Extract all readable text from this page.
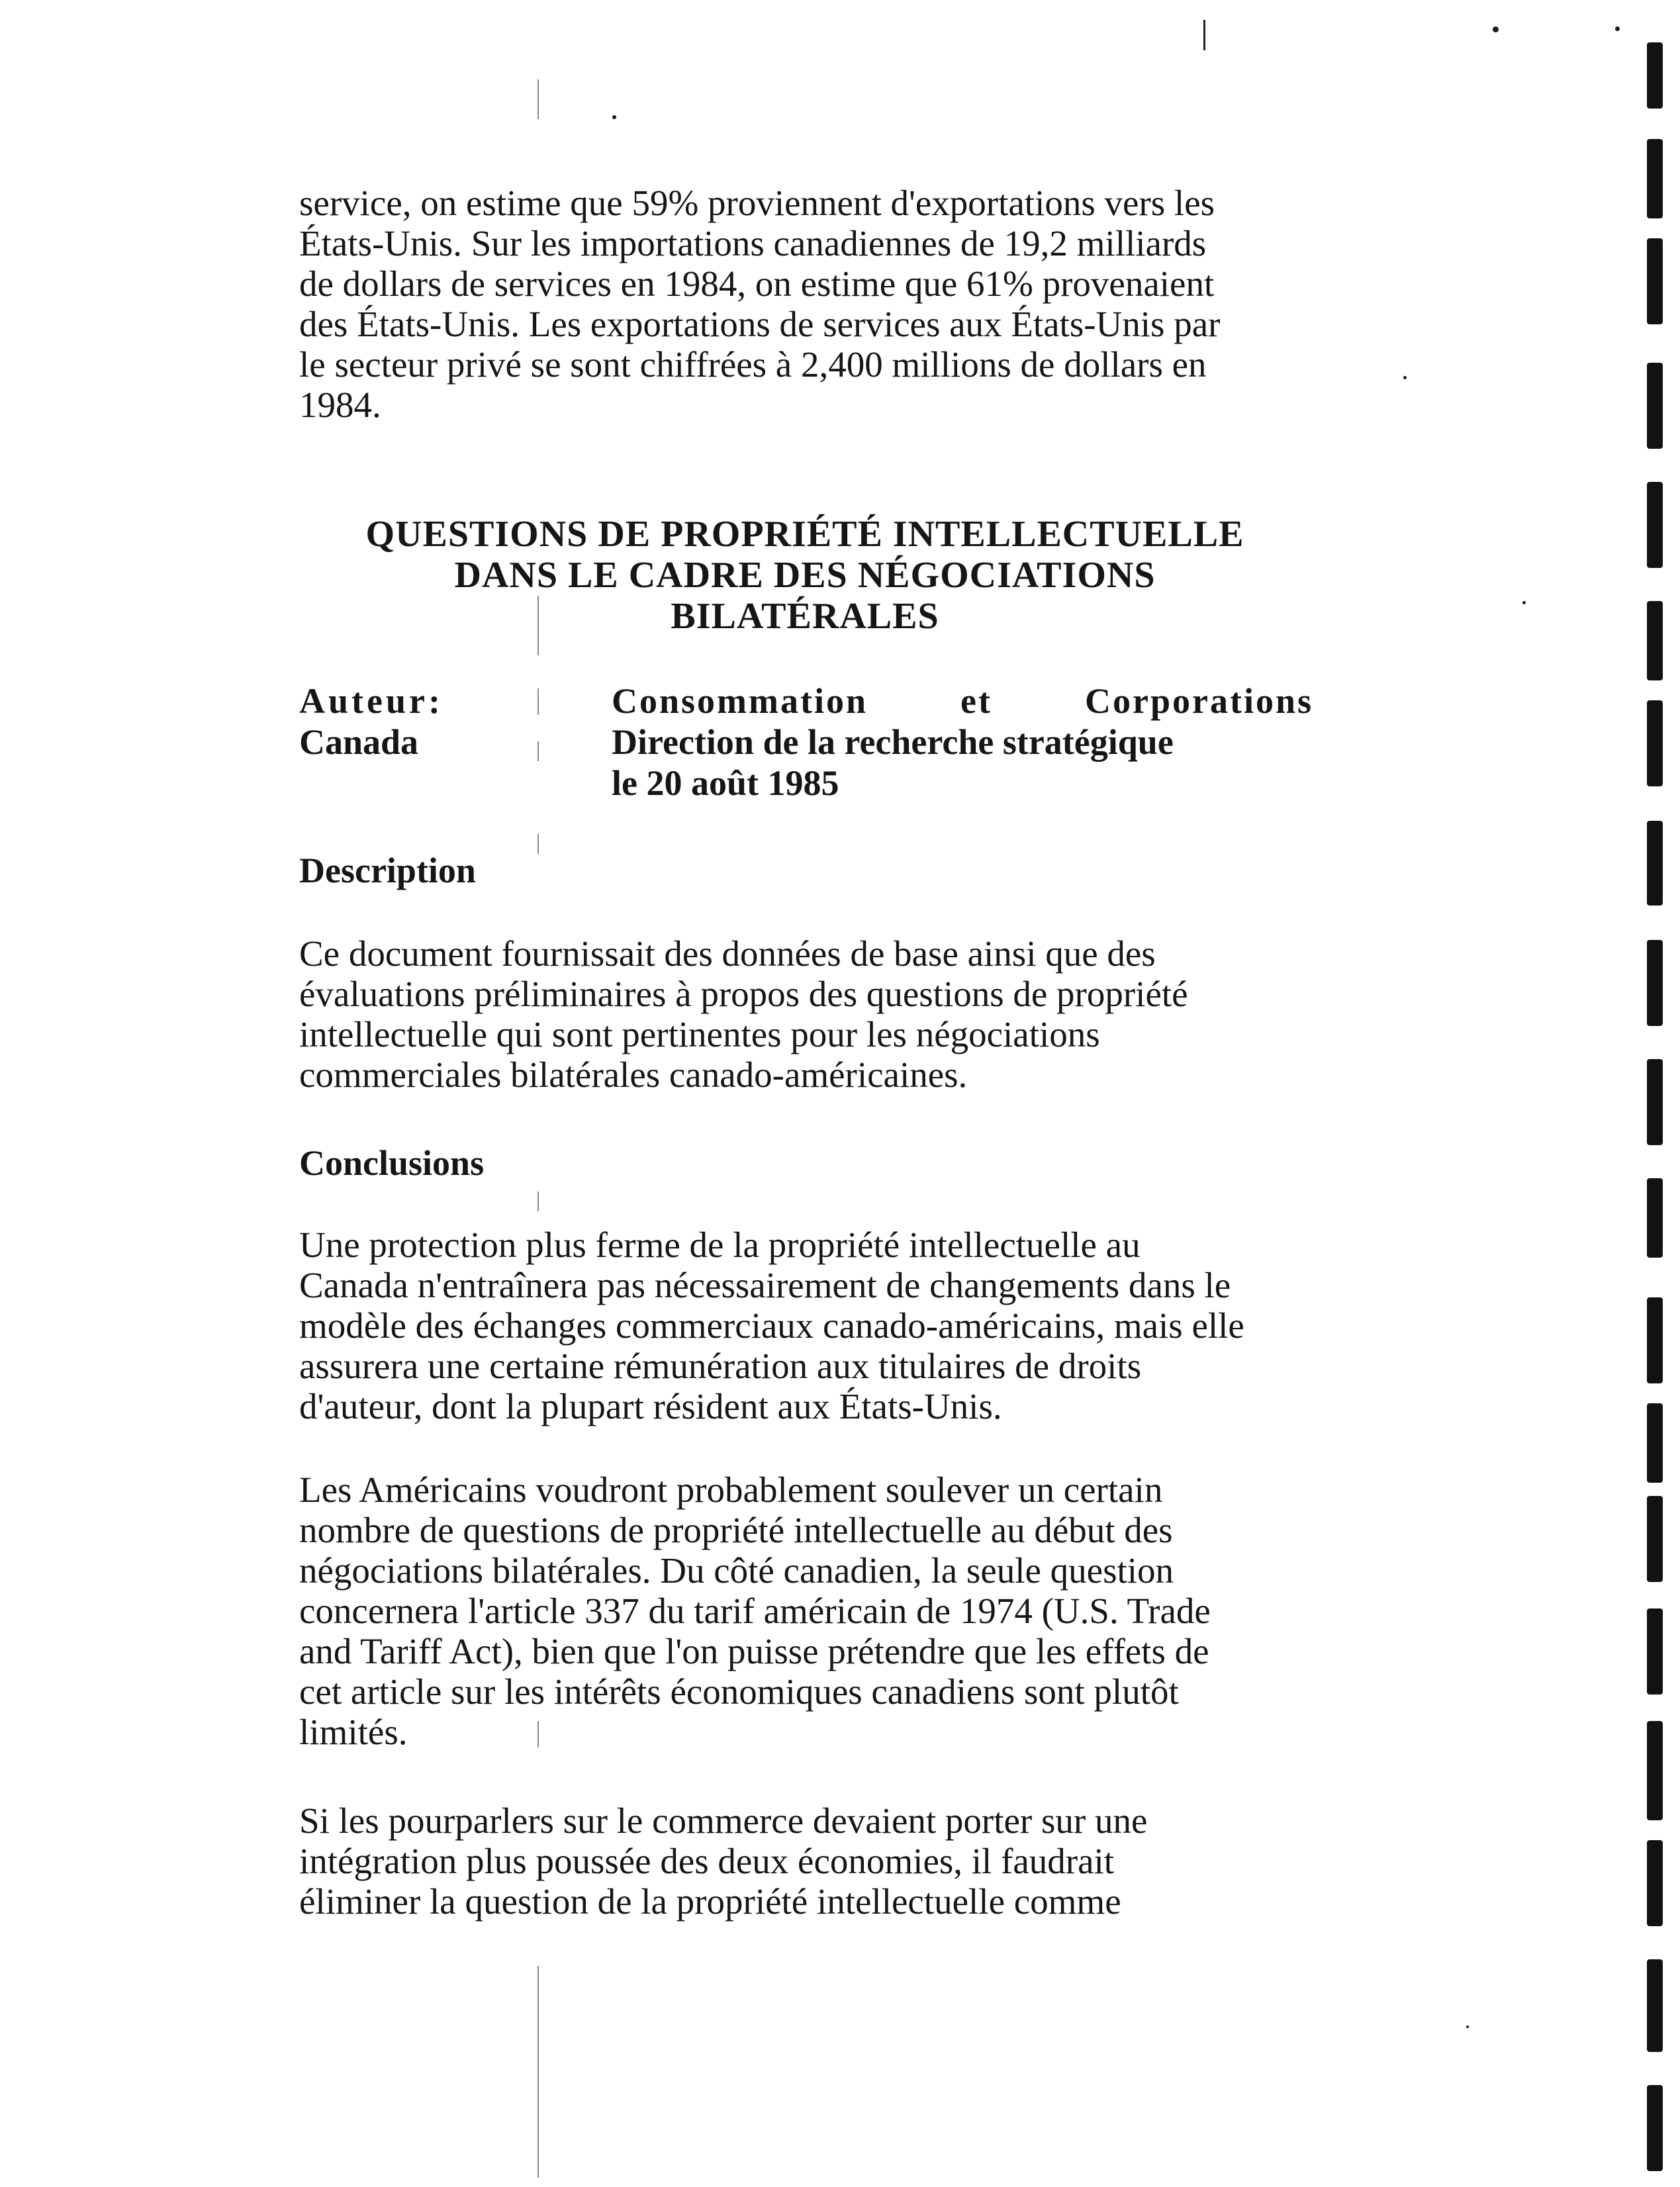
service, on estime que 59% proviennent d'exportations vers les

États-Unis. Sur les importations canadiennes de 19,2 milliards

de dollars de services en 1984, on estime que 61% provenaient

des États-Unis. Les exportations de services aux États-Unis par

le secteur privé se sont chiffrées à 2,400 millions de dollars en

1984.

QUESTIONS DE PROPRIÉTÉ INTELLECTUELLE
DANS LE CADRE DES NÉGOCIATIONS
BILATÉRALES
Auteur:
Canada
Consommation et Corporations
Direction de la recherche stratégique
le 20 août 1985
Description

Ce document fournissait des données de base ainsi que des

évaluations préliminaires à propos des questions de propriété

intellectuelle qui sont pertinentes pour les négociations

commerciales bilatérales canado-américaines.

Conclusions

Une protection plus ferme de la propriété intellectuelle au

Canada n'entraînera pas nécessairement de changements dans le

modèle des échanges commerciaux canado-américains, mais elle

assurera une certaine rémunération aux titulaires de droits

d'auteur, dont la plupart résident aux États-Unis.

Les Américains voudront probablement soulever un certain

nombre de questions de propriété intellectuelle au début des

négociations bilatérales. Du côté canadien, la seule question

concernera l'article 337 du tarif américain de 1974 (U.S. Trade

and Tariff Act), bien que l'on puisse prétendre que les effets de

cet article sur les intérêts économiques canadiens sont plutôt

limités.

Si les pourparlers sur le commerce devaient porter sur une

intégration plus poussée des deux économies, il faudrait

éliminer la question de la propriété intellectuelle comme
